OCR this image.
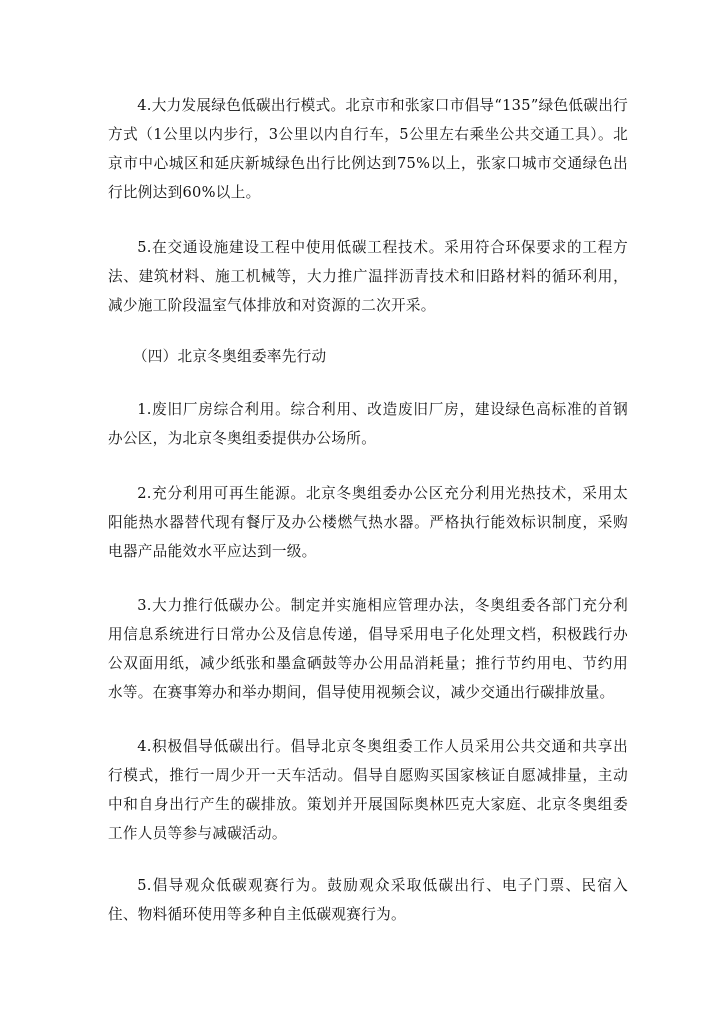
4.大力发展绿色低碳出行模式。北京市和张家口市倡导“135”绿色低碳出行方式（1公里以内步行，3公里以内自行车，5公里左右乘坐公共交通工具）。北京市中心城区和延庆新城绿色出行比例达到75%以上，张家口城市交通绿色出行比例达到60%以上。

5.在交通设施建设工程中使用低碳工程技术。采用符合环保要求的工程方法、建筑材料、施工机械等，大力推广温拌沥青技术和旧路材料的循环利用，减少施工阶段温室气体排放和对资源的二次开采。

（四）北京冬奥组委率先行动

1.废旧厂房综合利用。综合利用、改造废旧厂房，建设绿色高标准的首钢办公区，为北京冬奥组委提供办公场所。

2.充分利用可再生能源。北京冬奥组委办公区充分利用光热技术，采用太阳能热水器替代现有餐厅及办公楼燃气热水器。严格执行能效标识制度，采购电器产品能效水平应达到一级。

3.大力推行低碳办公。制定并实施相应管理办法，冬奥组委各部门充分利用信息系统进行日常办公及信息传递，倡导采用电子化处理文档，积极践行办公双面用纸，减少纸张和墨盒硒鼓等办公用品消耗量；推行节约用电、节约用水等。在赛事筹办和举办期间，倡导使用视频会议，减少交通出行碳排放量。

4.积极倡导低碳出行。倡导北京冬奥组委工作人员采用公共交通和共享出行模式，推行一周少开一天车活动。倡导自愿购买国家核证自愿减排量，主动中和自身出行产生的碳排放。策划并开展国际奥林匹克大家庭、北京冬奥组委工作人员等参与减碳活动。

5.倡导观众低碳观赛行为。鼓励观众采取低碳出行、电子门票、民宿入住、物料循环使用等多种自主低碳观赛行为。
